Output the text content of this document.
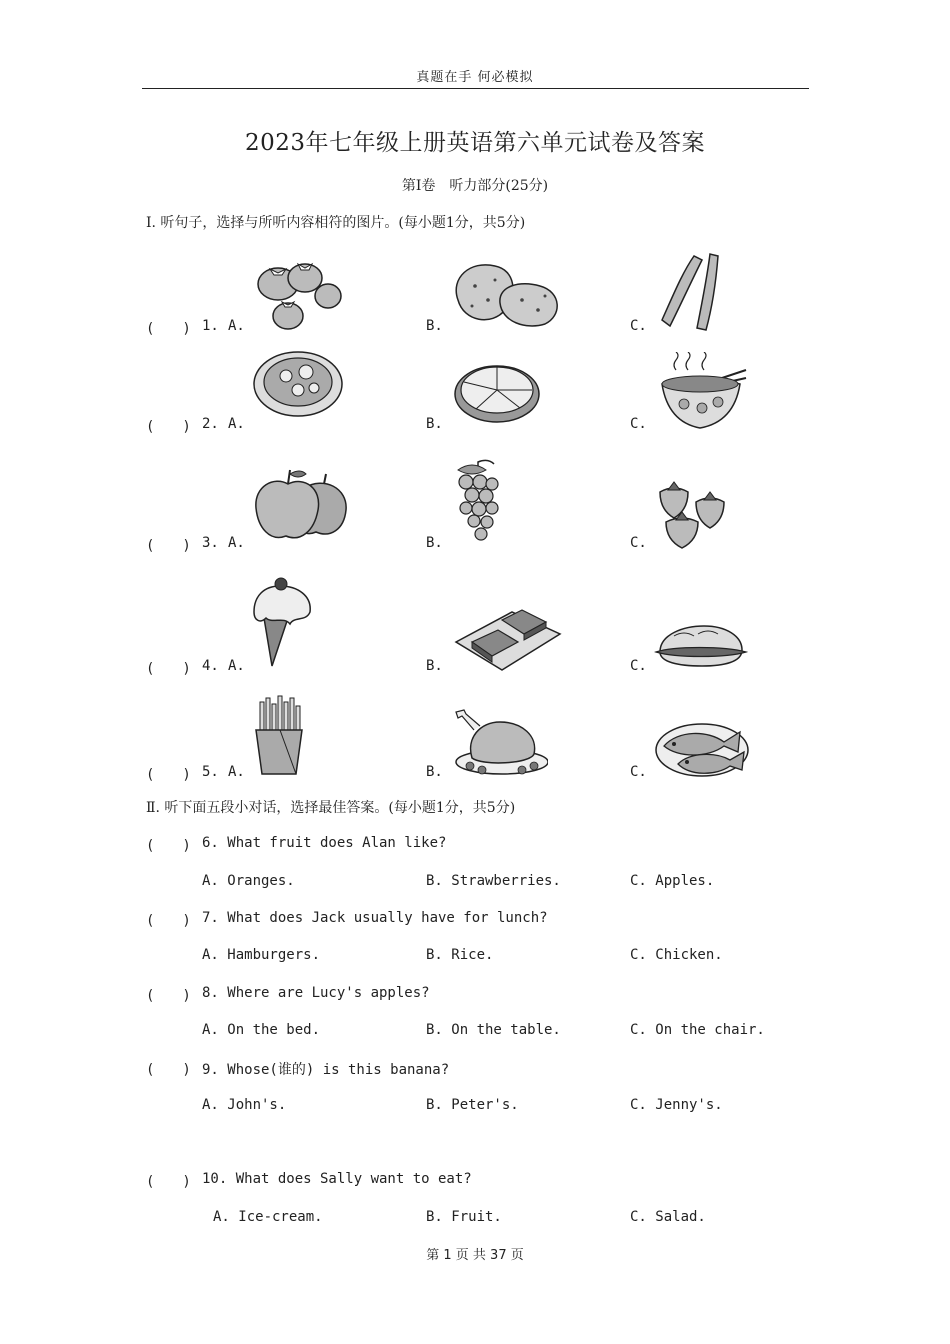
真题在手 何必模拟
2023年七年级上册英语第六单元试卷及答案
第Ⅰ卷　听力部分(25分)
Ⅰ. 听句子，选择与所听内容相符的图片。(每小题1分，共5分)
(　　) 1. A.	B.	C.
(　　) 2. A.	B.	C.
(　　) 3. A.	B.	C.
(　　) 4. A.	B.	C.
(　　) 5. A.	B.	C.
Ⅱ. 听下面五段小对话，选择最佳答案。(每小题1分，共5分)
(　　) 6. What fruit does Alan like?
A. Oranges.	B. Strawberries.	C. Apples.
(　　) 7. What does Jack usually have for lunch?
A. Hamburgers.	B. Rice.	C. Chicken.
(　　) 8. Where are Lucy's apples?
A. On the bed.	B. On the table.	C. On the chair.
(　　) 9. Whose(谁的) is this banana?
A. John's.	B. Peter's.	C. Jenny's.
(　　) 10. What does Sally want to eat?
A. Ice-cream.	B. Fruit.	C. Salad.
第 1 页 共 37 页
